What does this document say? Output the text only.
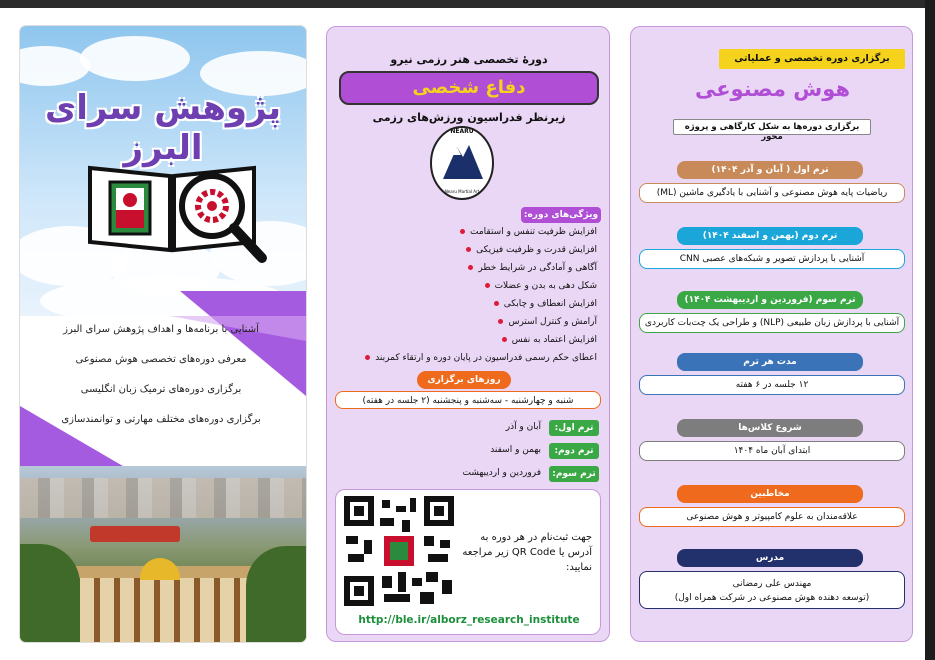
پژوهش سرای البرز
آشنایی با برنامه‌ها و اهداف پژوهش سرای البرز
معرفی دوره‌های تخصصی هوش مصنوعی
برگزاری دوره‌های ترمیک زبان انگلیسی
برگزاری دوره‌های مختلف مهارتی و توانمندسازی
دورهٔ تخصصی هنر رزمی نیرو
دفاع شخصی
زیرنظر فدراسیون ورزش‌های رزمی
NEARU
Nearu Martial Art
ویژگی‌های دوره:
افزایش ظرفیت تنفس و استقامت
افزایش قدرت و ظرفیت فیزیکی
آگاهی و آمادگی در شرایط خطر
شکل دهی به بدن و عضلات
افزایش انعطاف و چابکی
آرامش و کنترل استرس
افزایش اعتماد به نفس
اعطای حکم رسمی فدراسیون در پایان دوره و ارتقاء کمربند
روزهای برگزاری
شنبه و چهارشنبه - سه‌شنبه و پنجشنبه (۲ جلسه در هفته)
ترم اول:
آبان و آذر
ترم دوم:
بهمن و اسفند
ترم سوم:
فروردین و اردیبهشت
جهت ثبت‌نام در هر دوره به آدرس یا QR Code زیر مراجعه نمایید:
http://ble.ir/alborz_research_institute
برگزاری دوره تخصصی و عملیاتی
هوش مصنوعی
برگزاری دوره‌ها به شکل کارگاهی و پروژه محور
ترم اول ( آبان و آذر ۱۴۰۴)
ریاضیات پایه هوش مصنوعی و آشنایی با یادگیری ماشین (ML)
ترم دوم (بهمن و اسفند ۱۴۰۴)
آشنایی با پردازش تصویر و شبکه‌های عصبی CNN
ترم سوم (فروردین و اردیبهشت ۱۴۰۴)
آشنایی با پردازش زبان طبیعی (NLP) و طراحی یک چت‌بات کاربردی
مدت هر ترم
۱۲ جلسه در ۶ هفته
شروع کلاس‌ها
ابتدای آبان ماه ۱۴۰۴
مخاطبین
علاقه‌مندان به علوم کامپیوتر و هوش مصنوعی
مدرس
مهندس علی رمضانی
(توسعه دهنده هوش مصنوعی در شرکت همراه اول)
